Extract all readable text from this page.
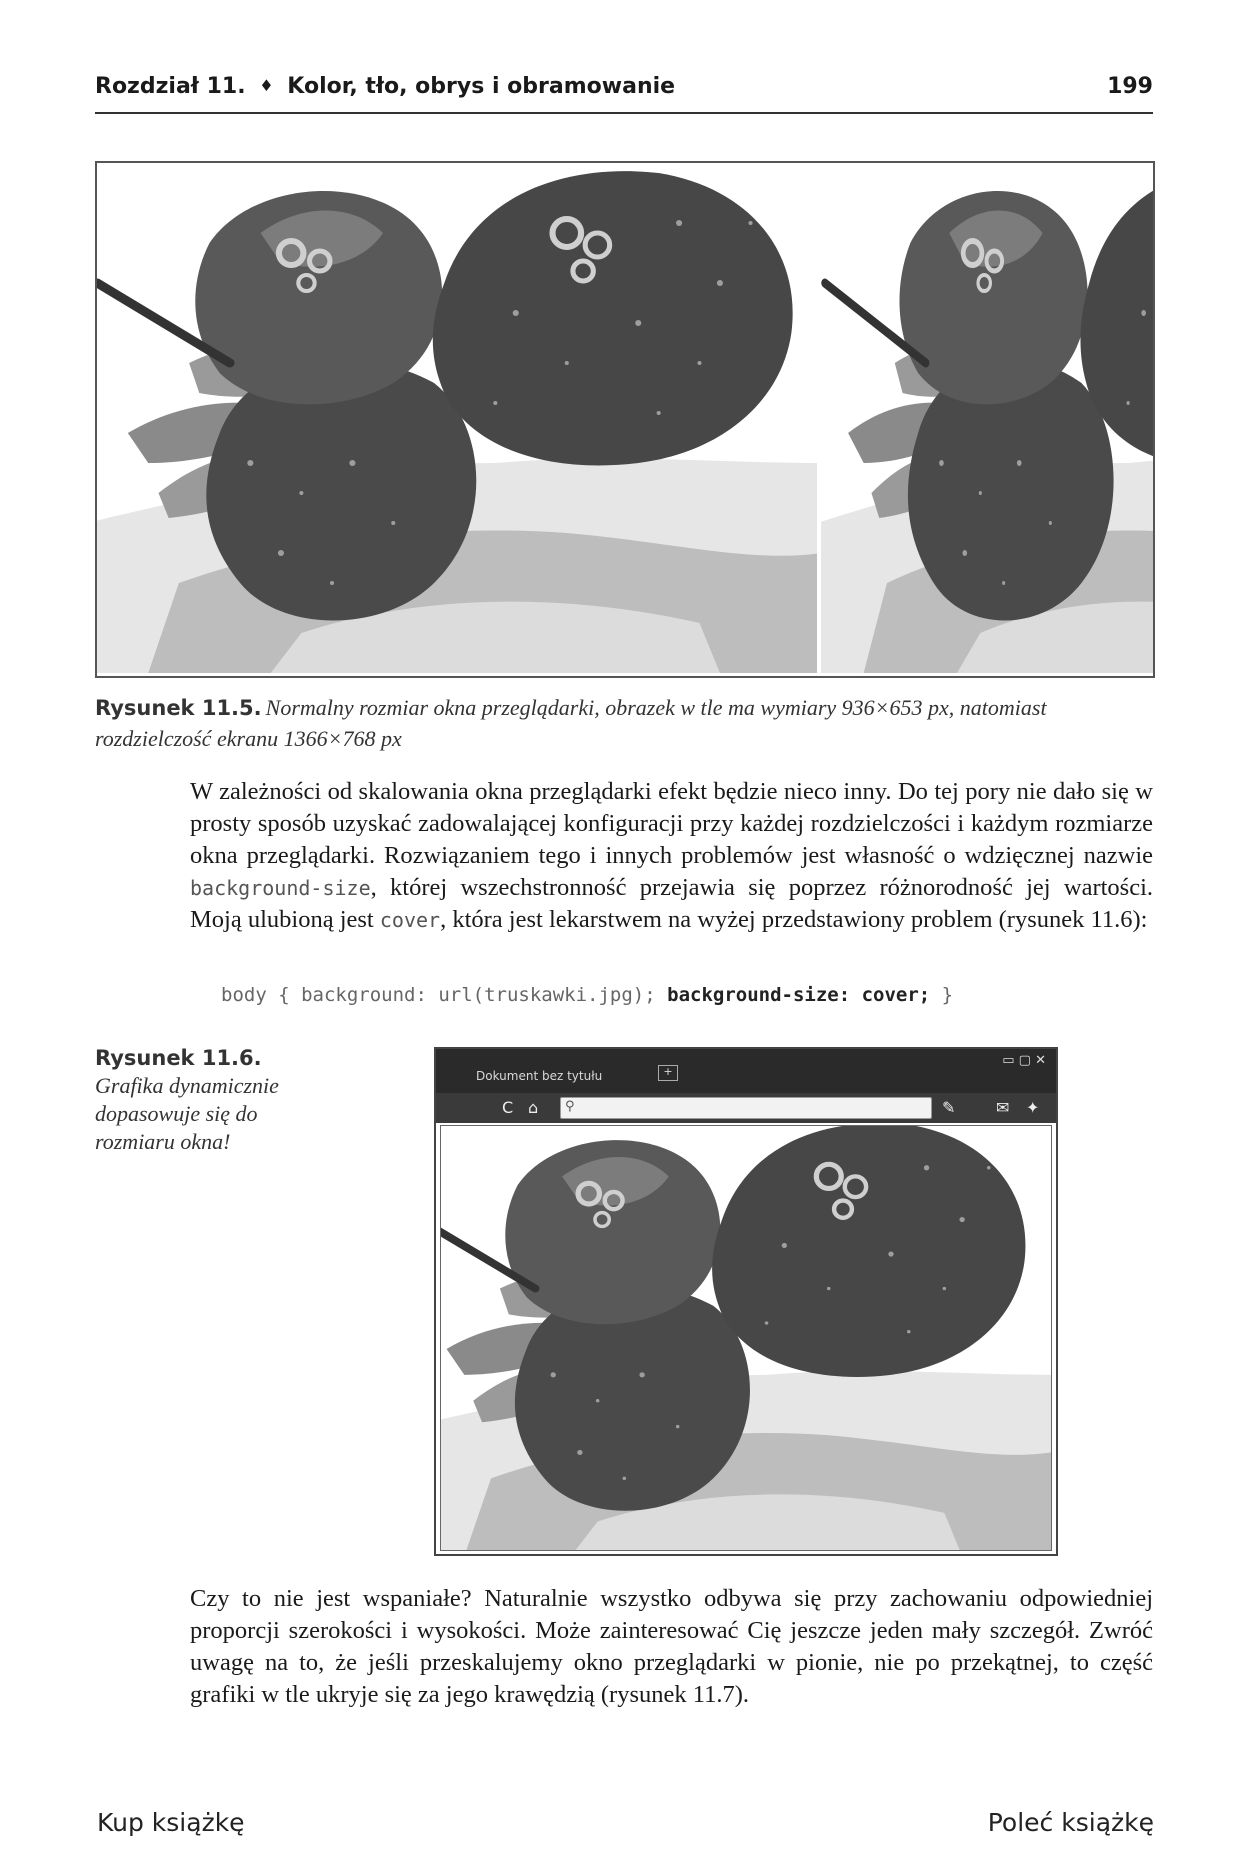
Rozdział 11. ♦ Kolor, tło, obrys i obramowanie	199
Rysunek 11.5. Normalny rozmiar okna przeglądarki, obrazek w tle ma wymiary 936×653 px, natomiast rozdzielczość ekranu 1366×768 px
W zależności od skalowania okna przeglądarki efekt będzie nieco inny. Do tej pory nie dało się w prosty sposób uzyskać zadowalającej konfiguracji przy każdej rozdzielczości i każdym rozmiarze okna przeglądarki. Rozwiązaniem tego i innych problemów jest własność o wdzięcznej nazwie background-size, której wszechstronność przejawia się poprzez różnorodność jej wartości. Moją ulubioną jest cover, która jest lekarstwem na wyżej przedstawiony problem (rysunek 11.6):
body { background: url(truskawki.jpg); background-size: cover; }
Rysunek 11.6.
Grafika dynamicznie dopasowuje się do rozmiaru okna!
Dokument bez tytułu	+
▭ ▢ ✕
C ⌂ ⚲	✎	✉ ✦
Czy to nie jest wspaniałe? Naturalnie wszystko odbywa się przy zachowaniu odpowiedniej proporcji szerokości i wysokości. Może zainteresować Cię jeszcze jeden mały szczegół. Zwróć uwagę na to, że jeśli przeskalujemy okno przeglądarki w pionie, nie po przekątnej, to część grafiki w tle ukryje się za jego krawędzią (rysunek 11.7).
Kup książkę	Poleć książkę
